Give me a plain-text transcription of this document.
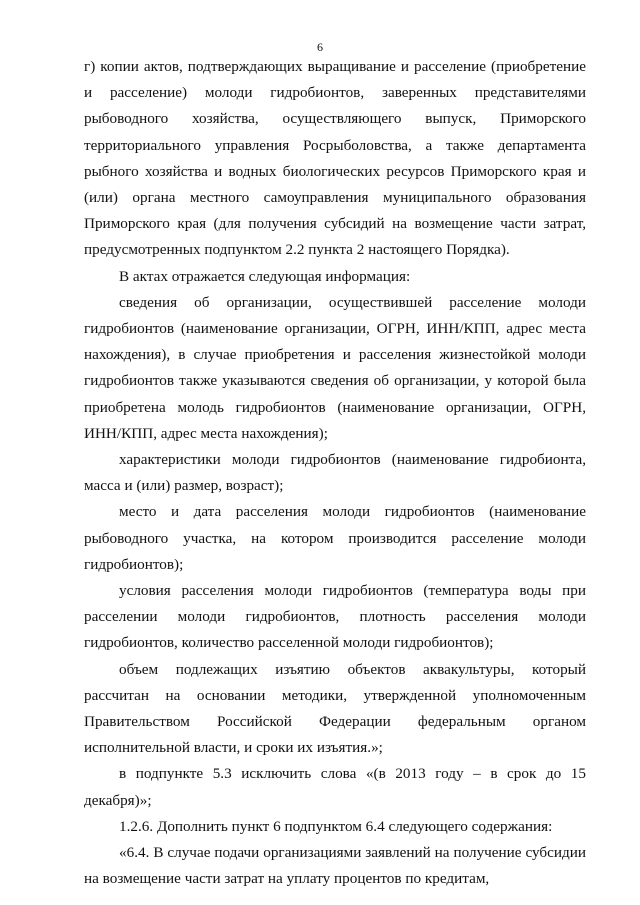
6

г) копии актов, подтверждающих выращивание и расселение (приобретение и расселение) молоди гидробионтов, заверенных представителями рыбоводного хозяйства, осуществляющего выпуск, Приморского территориального управления Росрыболовства, а также департамента рыбного хозяйства и водных биологических ресурсов Приморского края и (или) органа местного самоуправления муниципального образования Приморского края (для получения субсидий на возмещение части затрат, предусмотренных подпунктом 2.2 пункта 2 настоящего Порядка).

В актах отражается следующая информация:

сведения об организации, осуществившей расселение молоди гидробионтов (наименование организации, ОГРН, ИНН/КПП, адрес места нахождения), в случае приобретения и расселения жизнестойкой молоди гидробионтов также указываются сведения об организации, у которой была приобретена молодь гидробионтов (наименование организации, ОГРН, ИНН/КПП, адрес места нахождения);

характеристики молоди гидробионтов (наименование гидробионта, масса и (или) размер, возраст);

место и дата расселения молоди гидробионтов (наименование рыбоводного участка, на котором производится расселение молоди гидробионтов);

условия расселения молоди гидробионтов (температура воды при расселении молоди гидробионтов, плотность расселения молоди гидробионтов, количество расселенной молоди гидробионтов);

объем подлежащих изъятию объектов аквакультуры, который рассчитан на основании методики, утвержденной уполномоченным Правительством Российской Федерации федеральным органом исполнительной власти, и сроки их изъятия.»;

в подпункте 5.3 исключить слова «(в 2013 году – в срок до 15 декабря)»;

1.2.6. Дополнить пункт 6 подпунктом 6.4 следующего содержания:

«6.4. В случае подачи организациями заявлений на получение субсидии на возмещение части затрат на уплату процентов по кредитам,
